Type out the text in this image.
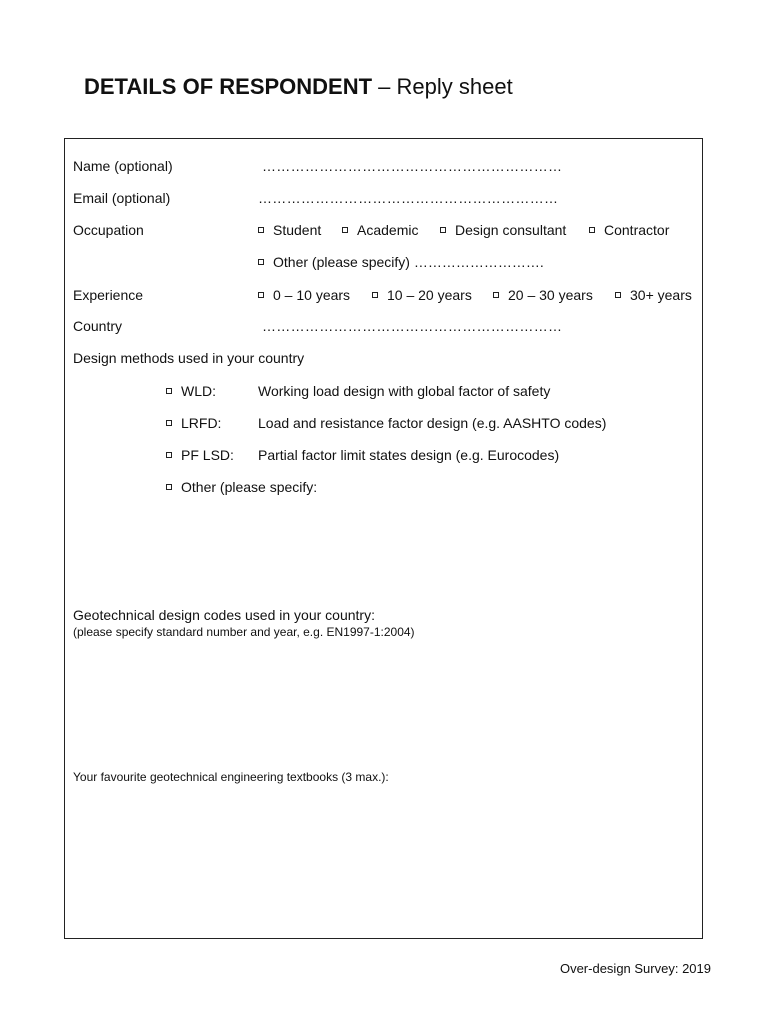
DETAILS OF RESPONDENT – Reply sheet
Name (optional)	………………………………………………………
Email (optional)	………………………………………………………
Occupation	Student	Academic	Design consultant	Contractor
Other (please specify) ……………………….
Experience	0 – 10 years	10 – 20 years	20 – 30 years	30+ years
Country	………………………………………………………
Design methods used in your country
WLD:	Working load design with global factor of safety
LRFD:	Load and resistance factor design (e.g. AASHTO codes)
PF LSD: Partial factor limit states design (e.g. Eurocodes)
Other (please specify:
Geotechnical design codes used in your country:
(please specify standard number and year, e.g. EN1997-1:2004)
Your favourite geotechnical engineering textbooks (3 max.):
Over-design Survey: 2019
